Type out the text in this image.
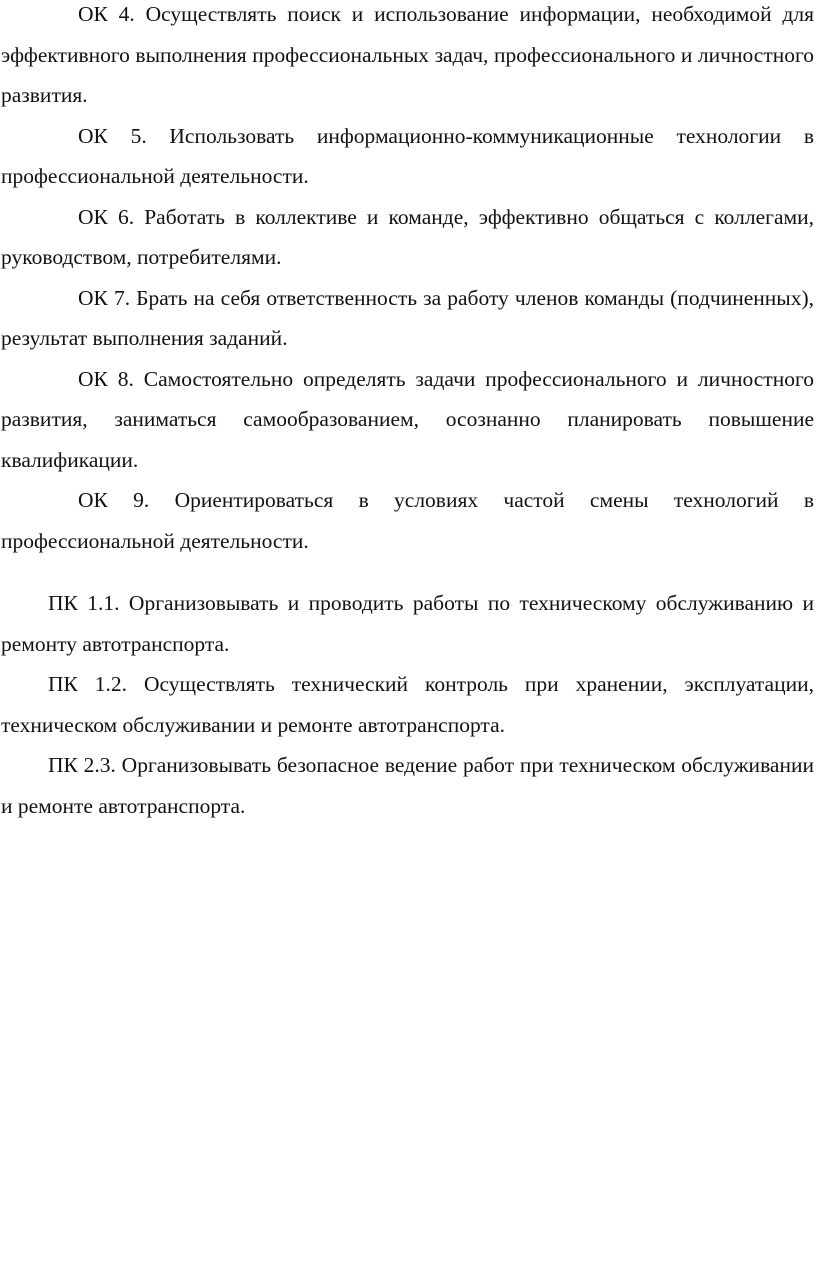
ОК 4. Осуществлять поиск и использование информации, необходимой для эффективного выполнения профессиональных задач, профессионального и личностного развития.

ОК 5. Использовать информационно-коммуникационные технологии в профессиональной деятельности.

ОК 6. Работать в коллективе и команде, эффективно общаться с коллегами, руководством, потребителями.

ОК 7. Брать на себя ответственность за работу членов команды (подчиненных), результат выполнения заданий.

ОК 8. Самостоятельно определять задачи профессионального и личностного развития, заниматься самообразованием, осознанно планировать повышение квалификации.

ОК 9. Ориентироваться в условиях частой смены технологий в профессиональной деятельности.

ПК 1.1. Организовывать и проводить работы по техническому обслуживанию и ремонту автотранспорта.

ПК 1.2. Осуществлять технический контроль при хранении, эксплуатации, техническом обслуживании и ремонте автотранспорта.

ПК 2.3. Организовывать безопасное ведение работ при техническом обслуживании и ремонте автотранспорта.
